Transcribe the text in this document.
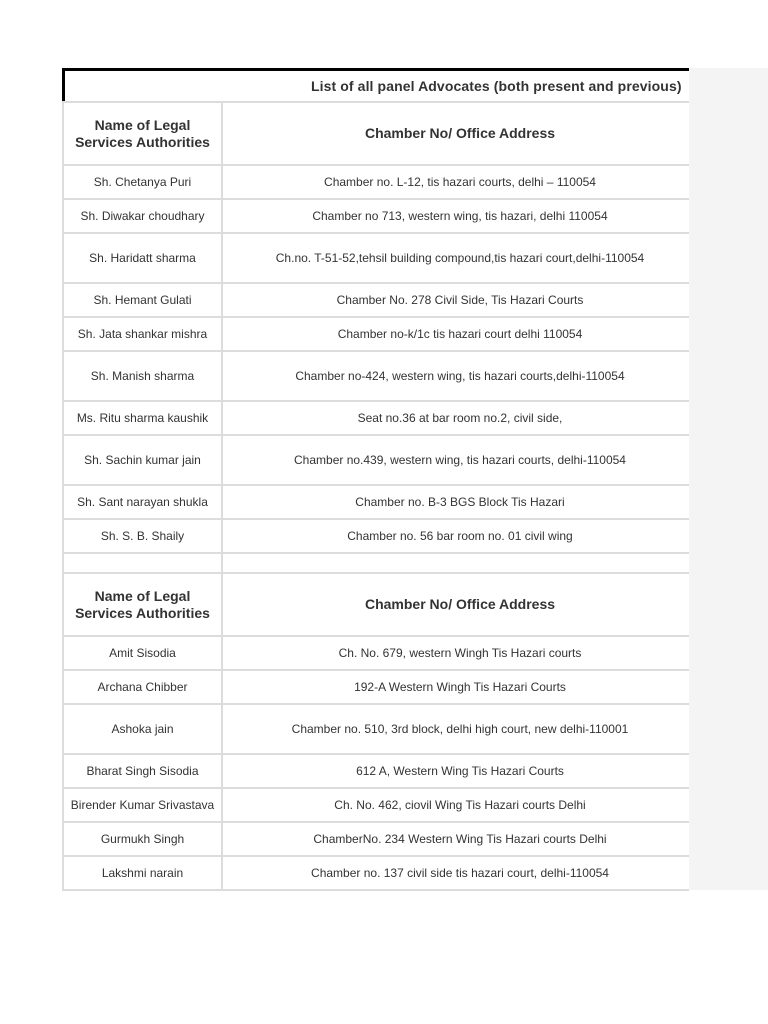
List of all panel Advocates (both present and previous)
Name of Legal Services Authorities	Chamber No/ Office Address
Sh. Chetanya Puri	Chamber no. L-12, tis hazari courts, delhi – 110054
Sh. Diwakar choudhary	Chamber no 713, western wing, tis hazari, delhi 110054
Sh. Haridatt sharma	Ch.no. T-51-52,tehsil building compound,tis hazari court,delhi-110054
Sh. Hemant Gulati	Chamber No. 278 Civil Side, Tis Hazari Courts
Sh. Jata shankar mishra	Chamber no-k/1c tis hazari court delhi 110054
Sh. Manish sharma	Chamber no-424, western wing, tis hazari courts,delhi-110054
Ms. Ritu sharma kaushik	Seat no.36 at bar room no.2, civil side,
Sh. Sachin kumar jain	Chamber no.439, western wing, tis hazari courts, delhi-110054
Sh. Sant narayan shukla	Chamber no. B-3 BGS Block Tis Hazari
Sh. S. B. Shaily	Chamber no. 56 bar room no. 01 civil wing

Name of Legal Services Authorities	Chamber No/ Office Address
Amit Sisodia	Ch. No. 679, western Wingh Tis Hazari courts
Archana Chibber	192-A Western Wingh Tis Hazari Courts
Ashoka jain	Chamber no. 510, 3rd block, delhi high court, new delhi-110001
Bharat Singh Sisodia	612 A, Western Wing Tis Hazari Courts
Birender Kumar Srivastava	Ch. No. 462, ciovil Wing Tis Hazari courts Delhi
Gurmukh Singh	ChamberNo. 234 Western Wing Tis Hazari courts Delhi
Lakshmi narain	Chamber no. 137 civil side tis hazari court, delhi-110054
